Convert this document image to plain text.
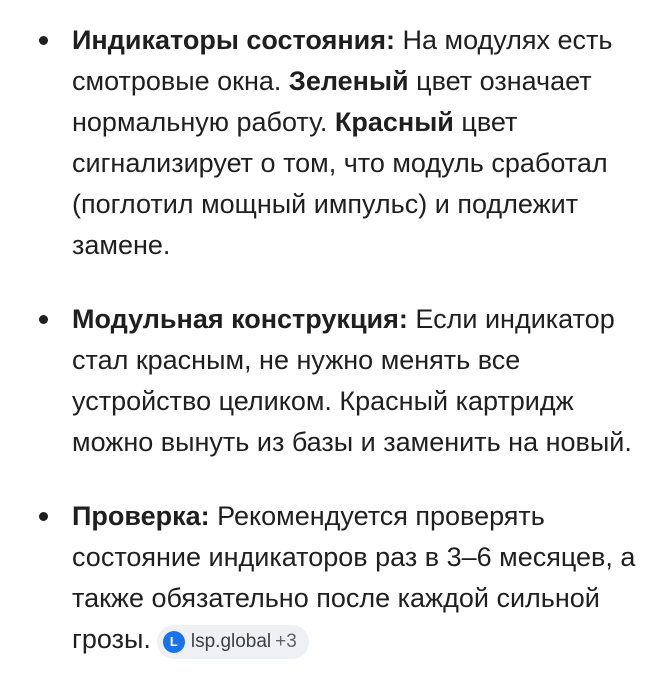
Индикаторы состояния: На модулях есть смотровые окна. Зеленый цвет означает нормальную работу. Красный цвет сигнализирует о том, что модуль сработал (поглотил мощный импульс) и подлежит замене.
Модульная конструкция: Если индикатор стал красным, не нужно менять все устройство целиком. Красный картридж можно вынуть из базы и заменить на новый.
Проверка: Рекомендуется проверять состояние индикаторов раз в 3–6 месяцев, а также обязательно после каждой сильной грозы.	L lsp.global +3
